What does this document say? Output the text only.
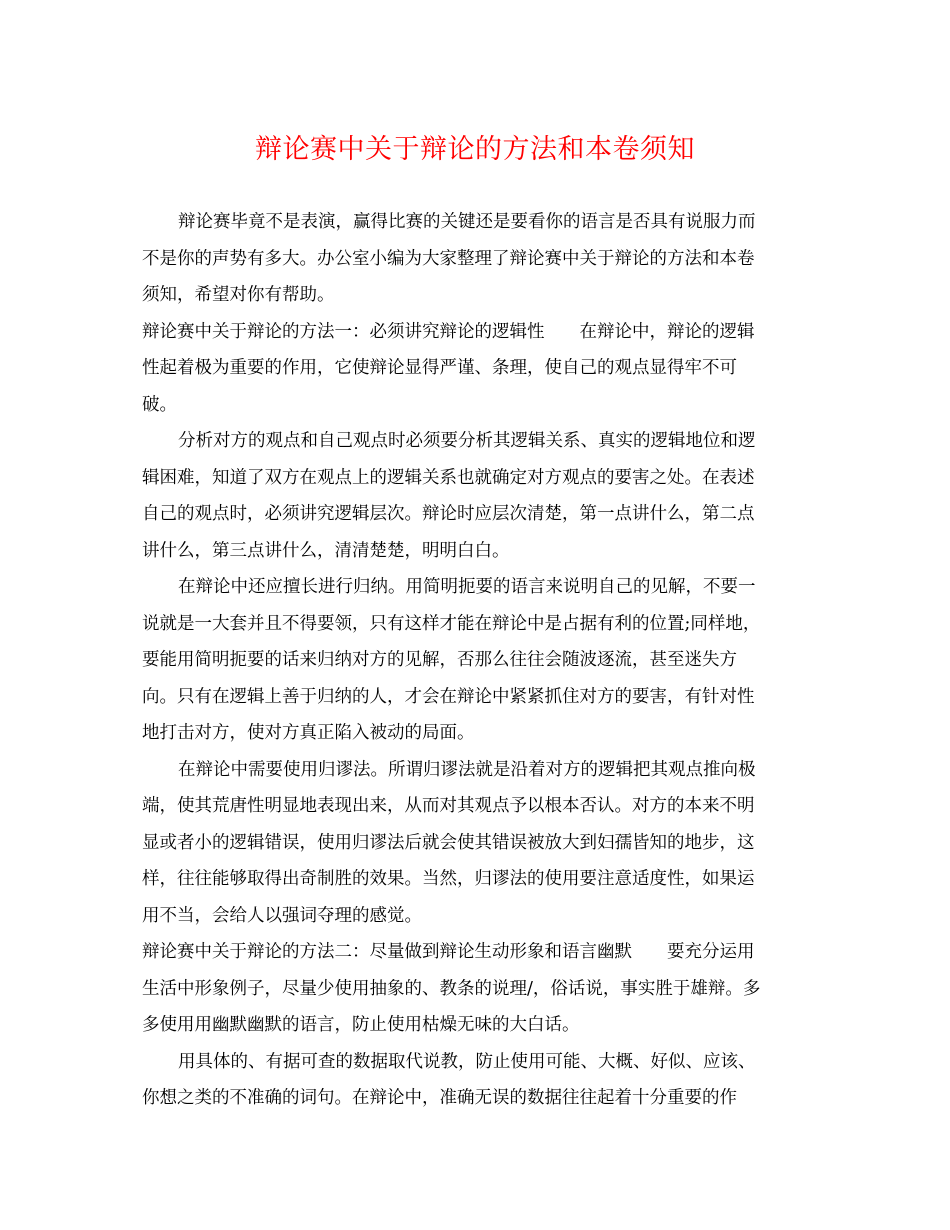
辩论赛中关于辩论的方法和本卷须知
辩论赛毕竟不是表演，赢得比赛的关键还是要看你的语言是否具有说服力而
不是你的声势有多大。办公室小编为大家整理了辩论赛中关于辩论的方法和本卷
须知，希望对你有帮助。
辩论赛中关于辩论的方法一：必须讲究辩论的逻辑性　　在辩论中，辩论的逻辑
性起着极为重要的作用，它使辩论显得严谨、条理，使自己的观点显得牢不可
破。
分析对方的观点和自己观点时必须要分析其逻辑关系、真实的逻辑地位和逻
辑困难，知道了双方在观点上的逻辑关系也就确定对方观点的要害之处。在表述
自己的观点时，必须讲究逻辑层次。辩论时应层次清楚，第一点讲什么，第二点
讲什么，第三点讲什么，清清楚楚，明明白白。
在辩论中还应擅长进行归纳。用简明扼要的语言来说明自己的见解，不要一
说就是一大套并且不得要领，只有这样才能在辩论中是占据有利的位置;同样地，
要能用简明扼要的话来归纳对方的见解，否那么往往会随波逐流，甚至迷失方
向。只有在逻辑上善于归纳的人，才会在辩论中紧紧抓住对方的要害，有针对性
地打击对方，使对方真正陷入被动的局面。
在辩论中需要使用归谬法。所谓归谬法就是沿着对方的逻辑把其观点推向极
端，使其荒唐性明显地表现出来，从而对其观点予以根本否认。对方的本来不明
显或者小的逻辑错误，使用归谬法后就会使其错误被放大到妇孺皆知的地步，这
样，往往能够取得出奇制胜的效果。当然，归谬法的使用要注意适度性，如果运
用不当，会给人以强词夺理的感觉。
辩论赛中关于辩论的方法二：尽量做到辩论生动形象和语言幽默　　要充分运用
生活中形象例子，尽量少使用抽象的、教条的说理/，俗话说，事实胜于雄辩。多
多使用用幽默幽默的语言，防止使用枯燥无味的大白话。
用具体的、有据可查的数据取代说教，防止使用可能、大概、好似、应该、
你想之类的不准确的词句。在辩论中，准确无误的数据往往起着十分重要的作
